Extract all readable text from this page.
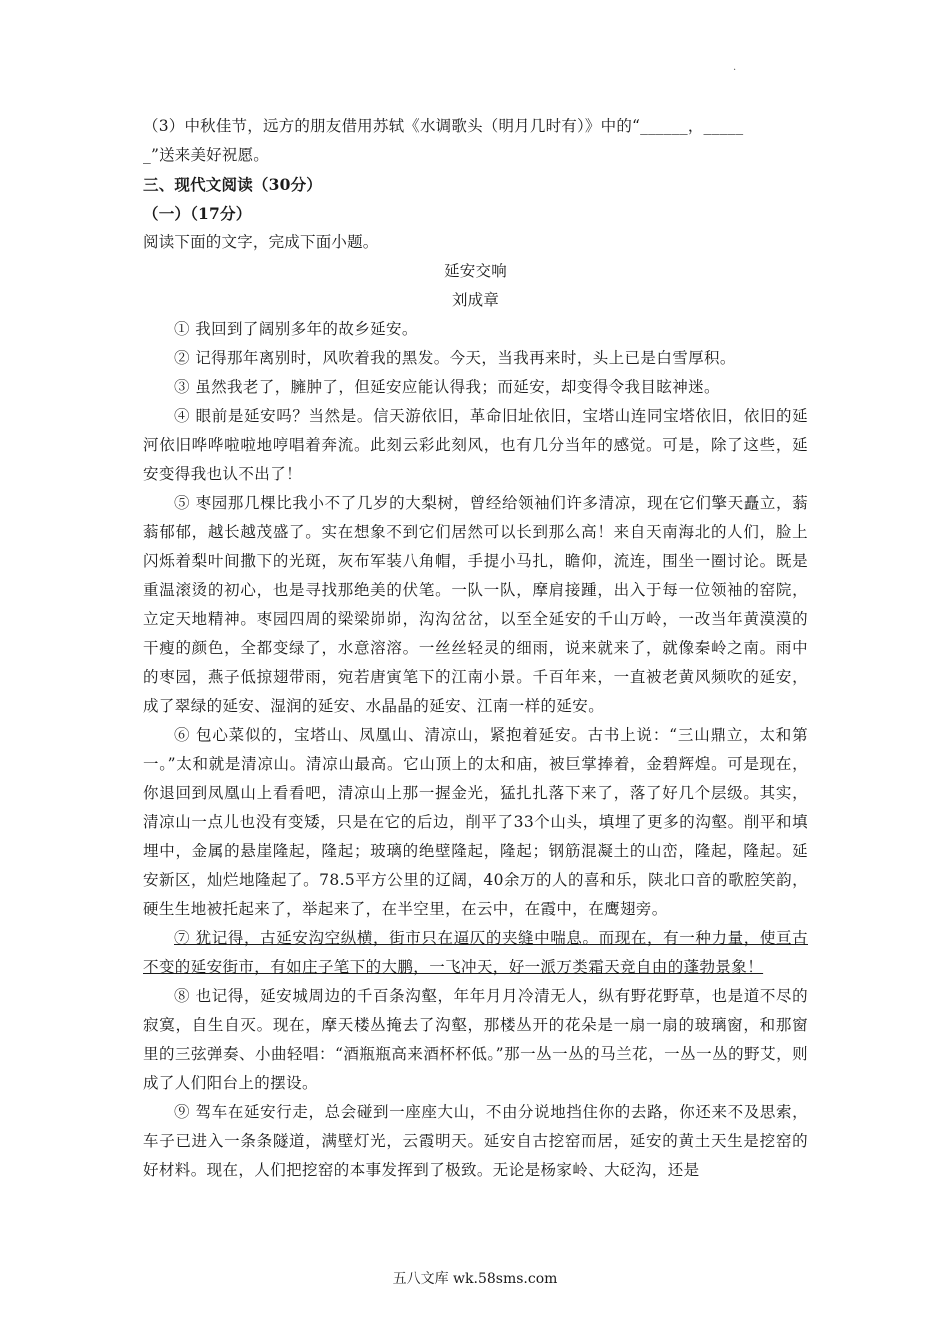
.

（3）中秋佳节，远方的朋友借用苏轼《水调歌头（明月几时有）》中的“______，_____

_”送来美好祝愿。

三、现代文阅读（30分）

（一）（17分）

阅读下面的文字，完成下面小题。

延安交响

刘成章

① 我回到了阔别多年的故乡延安。

② 记得那年离别时，风吹着我的黑发。今天，当我再来时，头上已是白雪厚积。

③ 虽然我老了，臃肿了，但延安应能认得我；而延安，却变得令我目眩神迷。

④ 眼前是延安吗？当然是。信天游依旧，革命旧址依旧，宝塔山连同宝塔依旧，依旧的延河依旧哗哗啦啦地哼唱着奔流。此刻云彩此刻风，也有几分当年的感觉。可是，除了这些，延安变得我也认不出了！

⑤ 枣园那几棵比我小不了几岁的大梨树，曾经给领袖们许多清凉，现在它们擎天矗立，蓊蓊郁郁，越长越茂盛了。实在想象不到它们居然可以长到那么高！来自天南海北的人们，脸上闪烁着梨叶间撒下的光斑，灰布军装八角帽，手提小马扎，瞻仰，流连，围坐一圈讨论。既是重温滚烫的初心，也是寻找那绝美的伏笔。一队一队，摩肩接踵，出入于每一位领袖的窑院，立定天地精神。枣园四周的梁梁峁峁，沟沟岔岔，以至全延安的千山万岭，一改当年黄漠漠的干瘦的颜色，全都变绿了，水意溶溶。一丝丝轻灵的细雨，说来就来了，就像秦岭之南。雨中的枣园，燕子低掠翅带雨，宛若唐寅笔下的江南小景。千百年来，一直被老黄风频吹的延安，成了翠绿的延安、湿润的延安、水晶晶的延安、江南一样的延安。

⑥ 包心菜似的，宝塔山、凤凰山、清凉山，紧抱着延安。古书上说：“三山鼎立，太和第一。”太和就是清凉山。清凉山最高。它山顶上的太和庙，被巨掌捧着，金碧辉煌。可是现在，你退回到凤凰山上看看吧，清凉山上那一握金光，猛扎扎落下来了，落了好几个层级。其实，清凉山一点儿也没有变矮，只是在它的后边，削平了33个山头，填埋了更多的沟壑。削平和填埋中，金属的悬崖隆起，隆起；玻璃的绝壁隆起，隆起；钢筋混凝土的山峦，隆起，隆起。延安新区，灿烂地隆起了。78.5平方公里的辽阔，40余万的人的喜和乐，陕北口音的歌腔笑韵，硬生生地被托起来了，举起来了，在半空里，在云中，在霞中，在鹰翅旁。

⑦ 犹记得，古延安沟空纵横，街市只在逼仄的夹缝中喘息。而现在，有一种力量，使亘古不变的延安街市，有如庄子笔下的大鹏，一飞冲天，好一派万类霜天竞自由的蓬勃景象！

⑧ 也记得，延安城周边的千百条沟壑，年年月月冷清无人，纵有野花野草，也是道不尽的寂寞，自生自灭。现在，摩天楼丛掩去了沟壑，那楼丛开的花朵是一扇一扇的玻璃窗，和那窗里的三弦弹奏、小曲轻唱：“酒瓶瓶高来酒杯杯低。”那一丛一丛的马兰花，一丛一丛的野艾，则成了人们阳台上的摆设。

⑨ 驾车在延安行走，总会碰到一座座大山，不由分说地挡住你的去路，你还来不及思索，车子已进入一条条隧道，满壁灯光，云霞明天。延安自古挖窑而居，延安的黄土天生是挖窑的好材料。现在，人们把挖窑的本事发挥到了极致。无论是杨家岭、大砭沟，还是

五八文库 wk.58sms.com
